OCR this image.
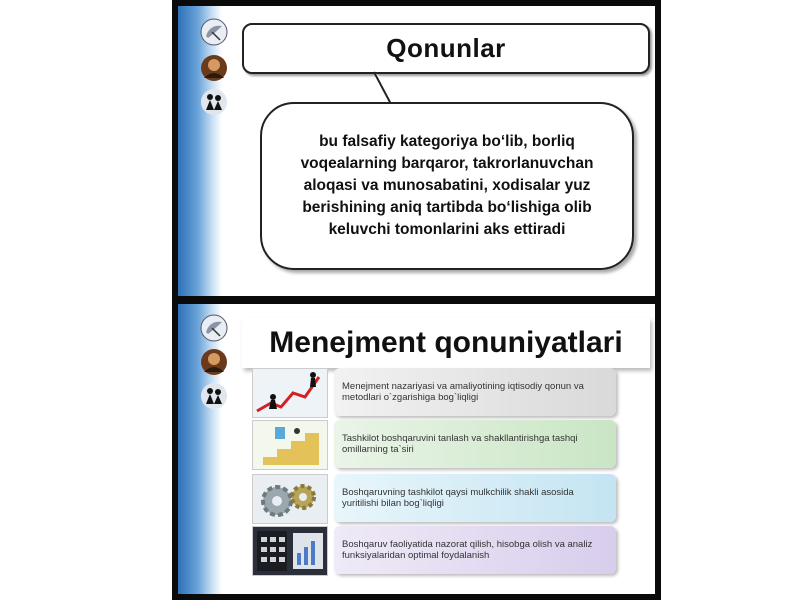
Qonunlar

bu falsafiy kategoriya bo‘lib, borliq voqealarning barqaror, takrorlanuvchan aloqasi va munosabatini, xodisalar yuz berishining aniq tartibda bo‘lishiga olib keluvchi tomonlarini aks ettiradi

Menejment qonuniyatlari
Menejment nazariyasi va amaliyotining iqtisodiy qonun va metodlari o`zgarishiga bog`liqligi
Tashkilot boshqaruvini tanlash va shakllantirishga tashqi omillarning ta`siri
Boshqaruvning tashkilot qaysi mulkchilik shakli asosida yuritilishi bilan bog`liqligi
Boshqaruv faoliyatida nazorat qilish, hisobga olish va analiz funksiyalaridan optimal foydalanish
